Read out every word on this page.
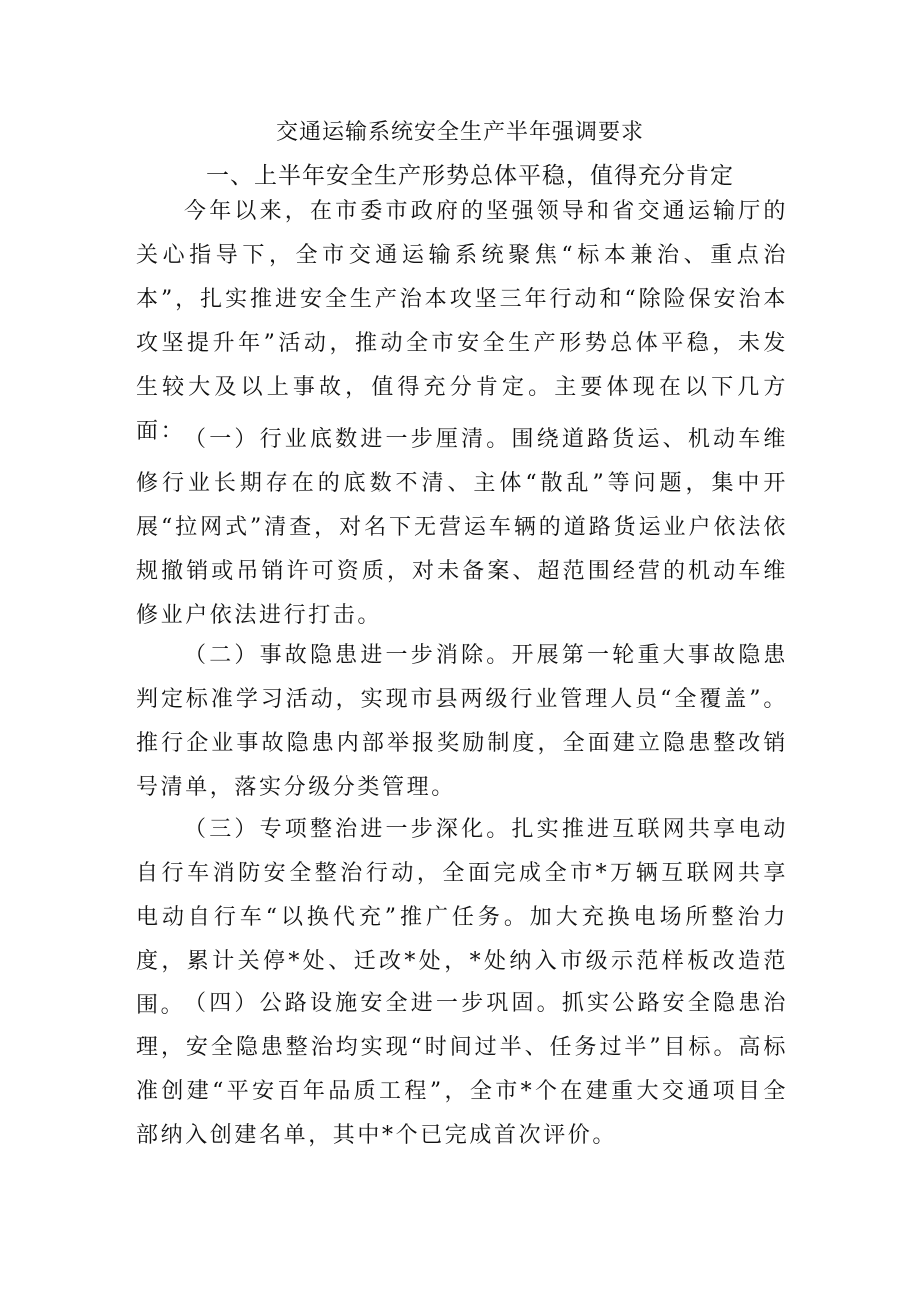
交通运输系统安全生产半年强调要求
一、上半年安全生产形势总体平稳，值得充分肯定

今年以来，在市委市政府的坚强领导和省交通运输厅的关心指导下，全市交通运输系统聚焦“标本兼治、重点治本”，扎实推进安全生产治本攻坚三年行动和“除险保安治本攻坚提升年”活动，推动全市安全生产形势总体平稳，未发生较大及以上事故，值得充分肯定。主要体现在以下几方面：

（一）行业底数进一步厘清。围绕道路货运、机动车维修行业长期存在的底数不清、主体“散乱”等问题，集中开展“拉网式”清查，对名下无营运车辆的道路货运业户依法依规撤销或吊销许可资质，对未备案、超范围经营的机动车维修业户依法进行打击。

（二）事故隐患进一步消除。开展第一轮重大事故隐患判定标准学习活动，实现市县两级行业管理人员“全覆盖”。推行企业事故隐患内部举报奖励制度，全面建立隐患整改销号清单，落实分级分类管理。

（三）专项整治进一步深化。扎实推进互联网共享电动自行车消防安全整治行动，全面完成全市*万辆互联网共享电动自行车“以换代充”推广任务。加大充换电场所整治力度，累计关停*处、迁改*处，*处纳入市级示范样板改造范围。

（四）公路设施安全进一步巩固。抓实公路安全隐患治理，安全隐患整治均实现“时间过半、任务过半”目标。高标准创建“平安百年品质工程”，全市*个在建重大交通项目全部纳入创建名单，其中*个已完成首次评价。
